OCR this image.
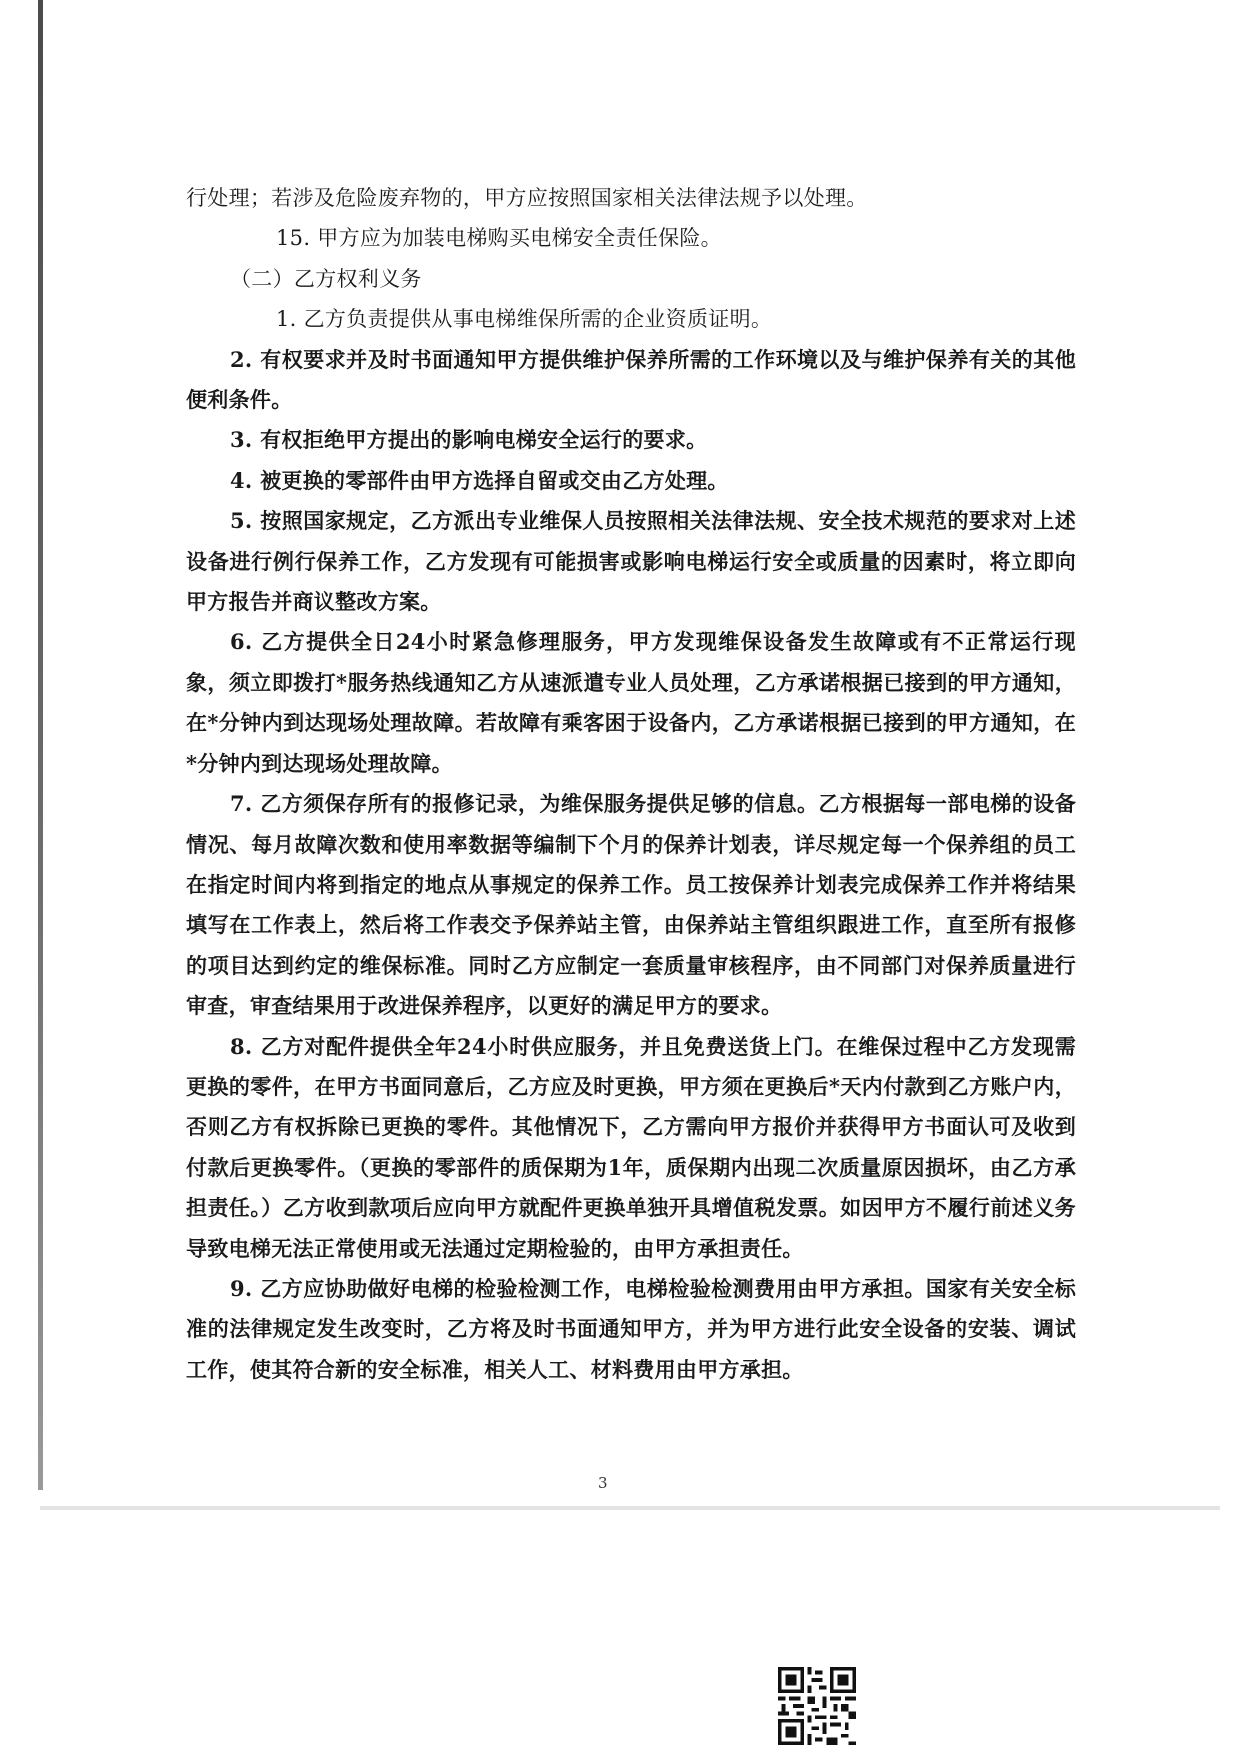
行处理；若涉及危险废弃物的，甲方应按照国家相关法律法规予以处理。

15. 甲方应为加装电梯购买电梯安全责任保险。

（二）乙方权利义务

1. 乙方负责提供从事电梯维保所需的企业资质证明。

2. 有权要求并及时书面通知甲方提供维护保养所需的工作环境以及与维护保养有关的其他便利条件。

3. 有权拒绝甲方提出的影响电梯安全运行的要求。

4. 被更换的零部件由甲方选择自留或交由乙方处理。

5. 按照国家规定，乙方派出专业维保人员按照相关法律法规、安全技术规范的要求对上述设备进行例行保养工作，乙方发现有可能损害或影响电梯运行安全或质量的因素时，将立即向甲方报告并商议整改方案。

6. 乙方提供全日24小时紧急修理服务，甲方发现维保设备发生故障或有不正常运行现象，须立即拨打*服务热线通知乙方从速派遣专业人员处理，乙方承诺根据已接到的甲方通知，在*分钟内到达现场处理故障。若故障有乘客困于设备内，乙方承诺根据已接到的甲方通知，在*分钟内到达现场处理故障。

7. 乙方须保存所有的报修记录，为维保服务提供足够的信息。乙方根据每一部电梯的设备情况、每月故障次数和使用率数据等编制下个月的保养计划表，详尽规定每一个保养组的员工在指定时间内将到指定的地点从事规定的保养工作。员工按保养计划表完成保养工作并将结果填写在工作表上，然后将工作表交予保养站主管，由保养站主管组织跟进工作，直至所有报修的项目达到约定的维保标准。同时乙方应制定一套质量审核程序，由不同部门对保养质量进行审查，审查结果用于改进保养程序，以更好的满足甲方的要求。

8. 乙方对配件提供全年24小时供应服务，并且免费送货上门。在维保过程中乙方发现需更换的零件，在甲方书面同意后，乙方应及时更换，甲方须在更换后*天内付款到乙方账户内，否则乙方有权拆除已更换的零件。其他情况下，乙方需向甲方报价并获得甲方书面认可及收到付款后更换零件。（更换的零部件的质保期为1年，质保期内出现二次质量原因损坏，由乙方承担责任。）乙方收到款项后应向甲方就配件更换单独开具增值税发票。如因甲方不履行前述义务导致电梯无法正常使用或无法通过定期检验的，由甲方承担责任。

9. 乙方应协助做好电梯的检验检测工作，电梯检验检测费用由甲方承担。国家有关安全标准的法律规定发生改变时，乙方将及时书面通知甲方，并为甲方进行此安全设备的安装、调试工作，使其符合新的安全标准，相关人工、材料费用由甲方承担。

3
